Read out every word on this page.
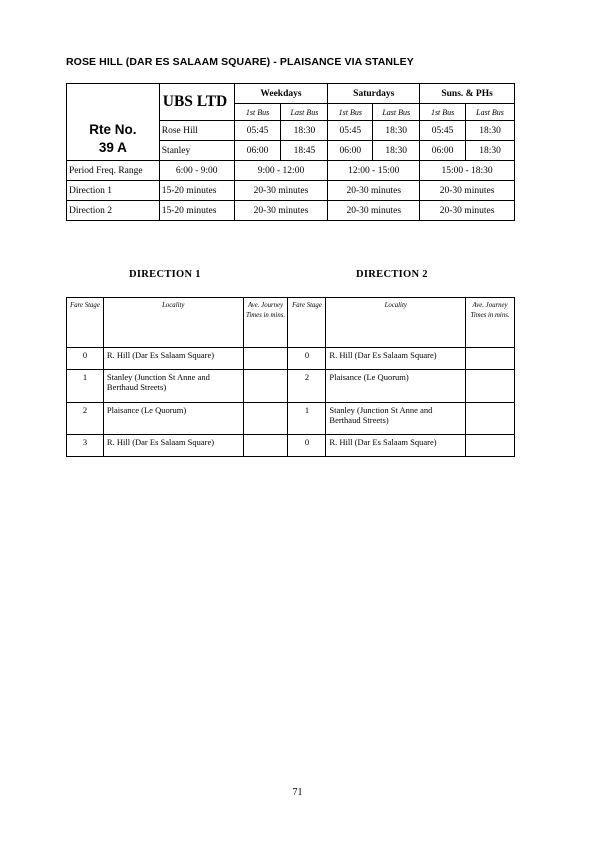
ROSE HILL (DAR ES SALAAM SQUARE) - PLAISANCE VIA STANLEY
Rte No.
39 A	UBS LTD	Weekdays		Saturdays		Suns. & PHs	
		1st Bus	Last Bus	1st Bus	Last Bus	1st Bus	Last Bus
	Rose Hill	05:45	18:30	05:45	18:30	05:45	18:30
	Stanley	06:00	18:45	06:00	18:30	06:00	18:30
Period Freq. Range	6:00 - 9:00	9:00 - 12:00		12:00 - 15:00		15:00 - 18:30	
Direction 1	15-20 minutes	20-30 minutes		20-30 minutes		20-30 minutes	
Direction 2	15-20 minutes	20-30 minutes		20-30 minutes		20-30 minutes	
DIRECTION 1	DIRECTION 2
Fare Stage	Locality	Ave. Journey Times in mins.	Fare Stage	Locality	Ave. Journey Times in mins.
0	R. Hill (Dar Es Salaam Square)		0	R. Hill (Dar Es Salaam Square)	
1	Stanley (Junction St Anne and Berthaud Streets)		2	Plaisance (Le Quorum)	
2	Plaisance (Le Quorum)		1	Stanley (Junction St Anne and Berthaud Streets)	
3	R. Hill (Dar Es Salaam Square)		0	R. Hill (Dar Es Salaam Square)	
71
